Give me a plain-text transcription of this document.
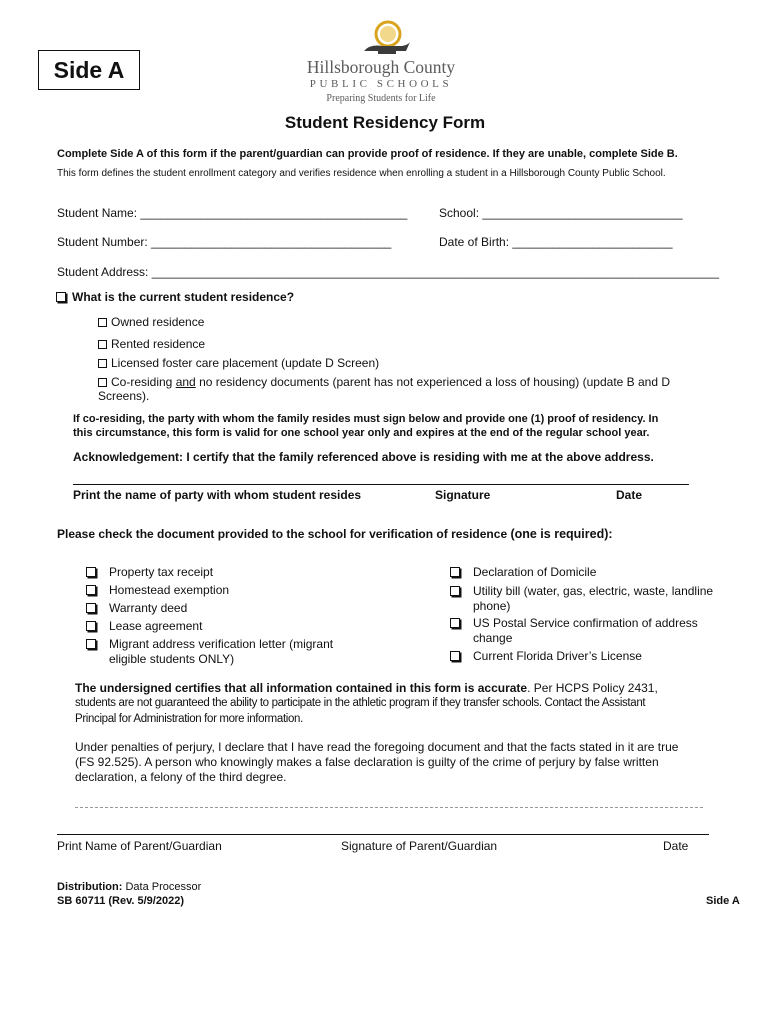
Side A	Hillsborough County
PUBLIC SCHOOLS
Preparing Students for Life
Student Residency Form
Complete Side A of this form if the parent/guardian can provide proof of residence. If they are unable, complete Side B.
This form defines the student enrollment category and verifies residence when enrolling a student in a Hillsborough County Public School.
Student Name: ________________________________________	School: ______________________________
Student Number: ____________________________________	Date of Birth: ________________________
Student Address: _____________________________________________________________________________________
What is the current student residence?
Owned residence
Rented residence
Licensed foster care placement (update D Screen)
Co-residing and no residency documents (parent has not experienced a loss of housing) (update B and D
Screens).
If co-residing, the party with whom the family resides must sign below and provide one (1) proof of residency. In
this circumstance, this form is valid for one school year only and expires at the end of the regular school year.
Acknowledgement: I certify that the family referenced above is residing with me at the above address.
Print the name of party with whom student resides	Signature	Date
Please check the document provided to the school for verification of residence (one is required):
Property tax receipt
Homestead exemption
Warranty deed
Lease agreement
Migrant address verification letter (migrant
eligible students ONLY)
Declaration of Domicile
Utility bill (water, gas, electric, waste, landline
phone)
US Postal Service confirmation of address
change
Current Florida Driver’s License
The undersigned certifies that all information contained in this form is accurate. Per HCPS Policy 2431,
students are not guaranteed the ability to participate in the athletic program if they transfer schools. Contact the Assistant
Principal for Administration for more information.
Under penalties of perjury, I declare that I have read the foregoing document and that the facts stated in it are true
(FS 92.525). A person who knowingly makes a false declaration is guilty of the crime of perjury by false written
declaration, a felony of the third degree.
Print Name of Parent/Guardian	Signature of Parent/Guardian	Date
Distribution: Data Processor
SB 60711 (Rev. 5/9/2022)	Side A
